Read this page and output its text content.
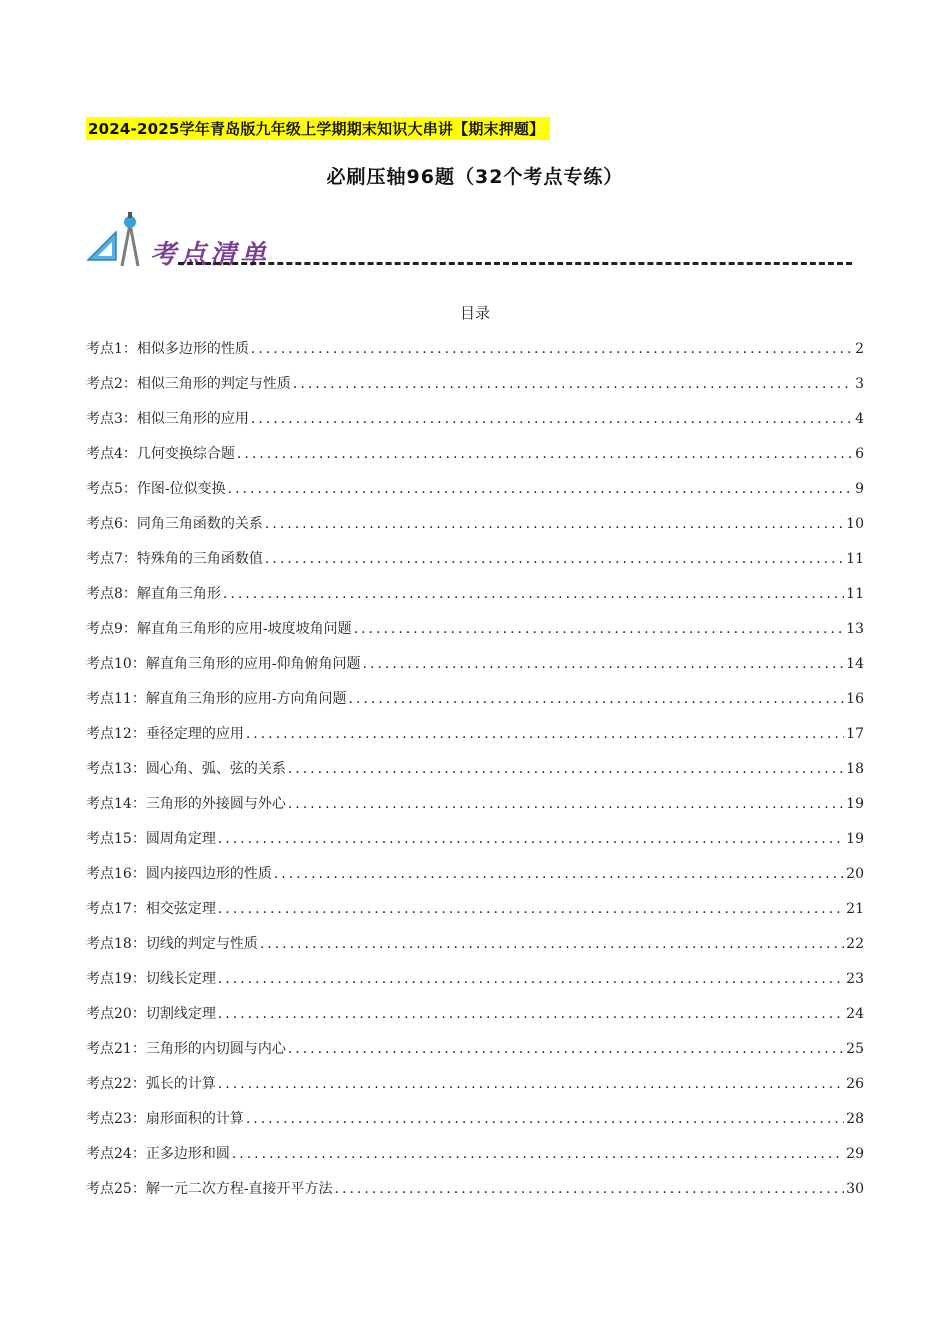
2024-2025学年青岛版九年级上学期期末知识大串讲【期末押题】
必刷压轴96题（32个考点专练）
考点清单
目录
考点1：相似多边形的性质 .....	2
考点2：相似三角形的判定与性质 .....	3
考点3：相似三角形的应用 .....	4
考点4：几何变换综合题 .....	6
考点5：作图-位似变换 .....	9
考点6：同角三角函数的关系 .....	10
考点7：特殊角的三角函数值 .....	11
考点8：解直角三角形 .....	11
考点9：解直角三角形的应用-坡度坡角问题 .....	13
考点10：解直角三角形的应用-仰角俯角问题 .....	14
考点11：解直角三角形的应用-方向角问题 .....	16
考点12：垂径定理的应用 .....	17
考点13：圆心角、弧、弦的关系 .....	18
考点14：三角形的外接圆与外心 .....	19
考点15：圆周角定理 .....	19
考点16：圆内接四边形的性质 .....	20
考点17：相交弦定理 .....	21
考点18：切线的判定与性质 .....	22
考点19：切线长定理 .....	23
考点20：切割线定理 .....	24
考点21：三角形的内切圆与内心 .....	25
考点22：弧长的计算 .....	26
考点23：扇形面积的计算 .....	28
考点24：正多边形和圆 .....	29
考点25：解一元二次方程-直接开平方法 .....	30
